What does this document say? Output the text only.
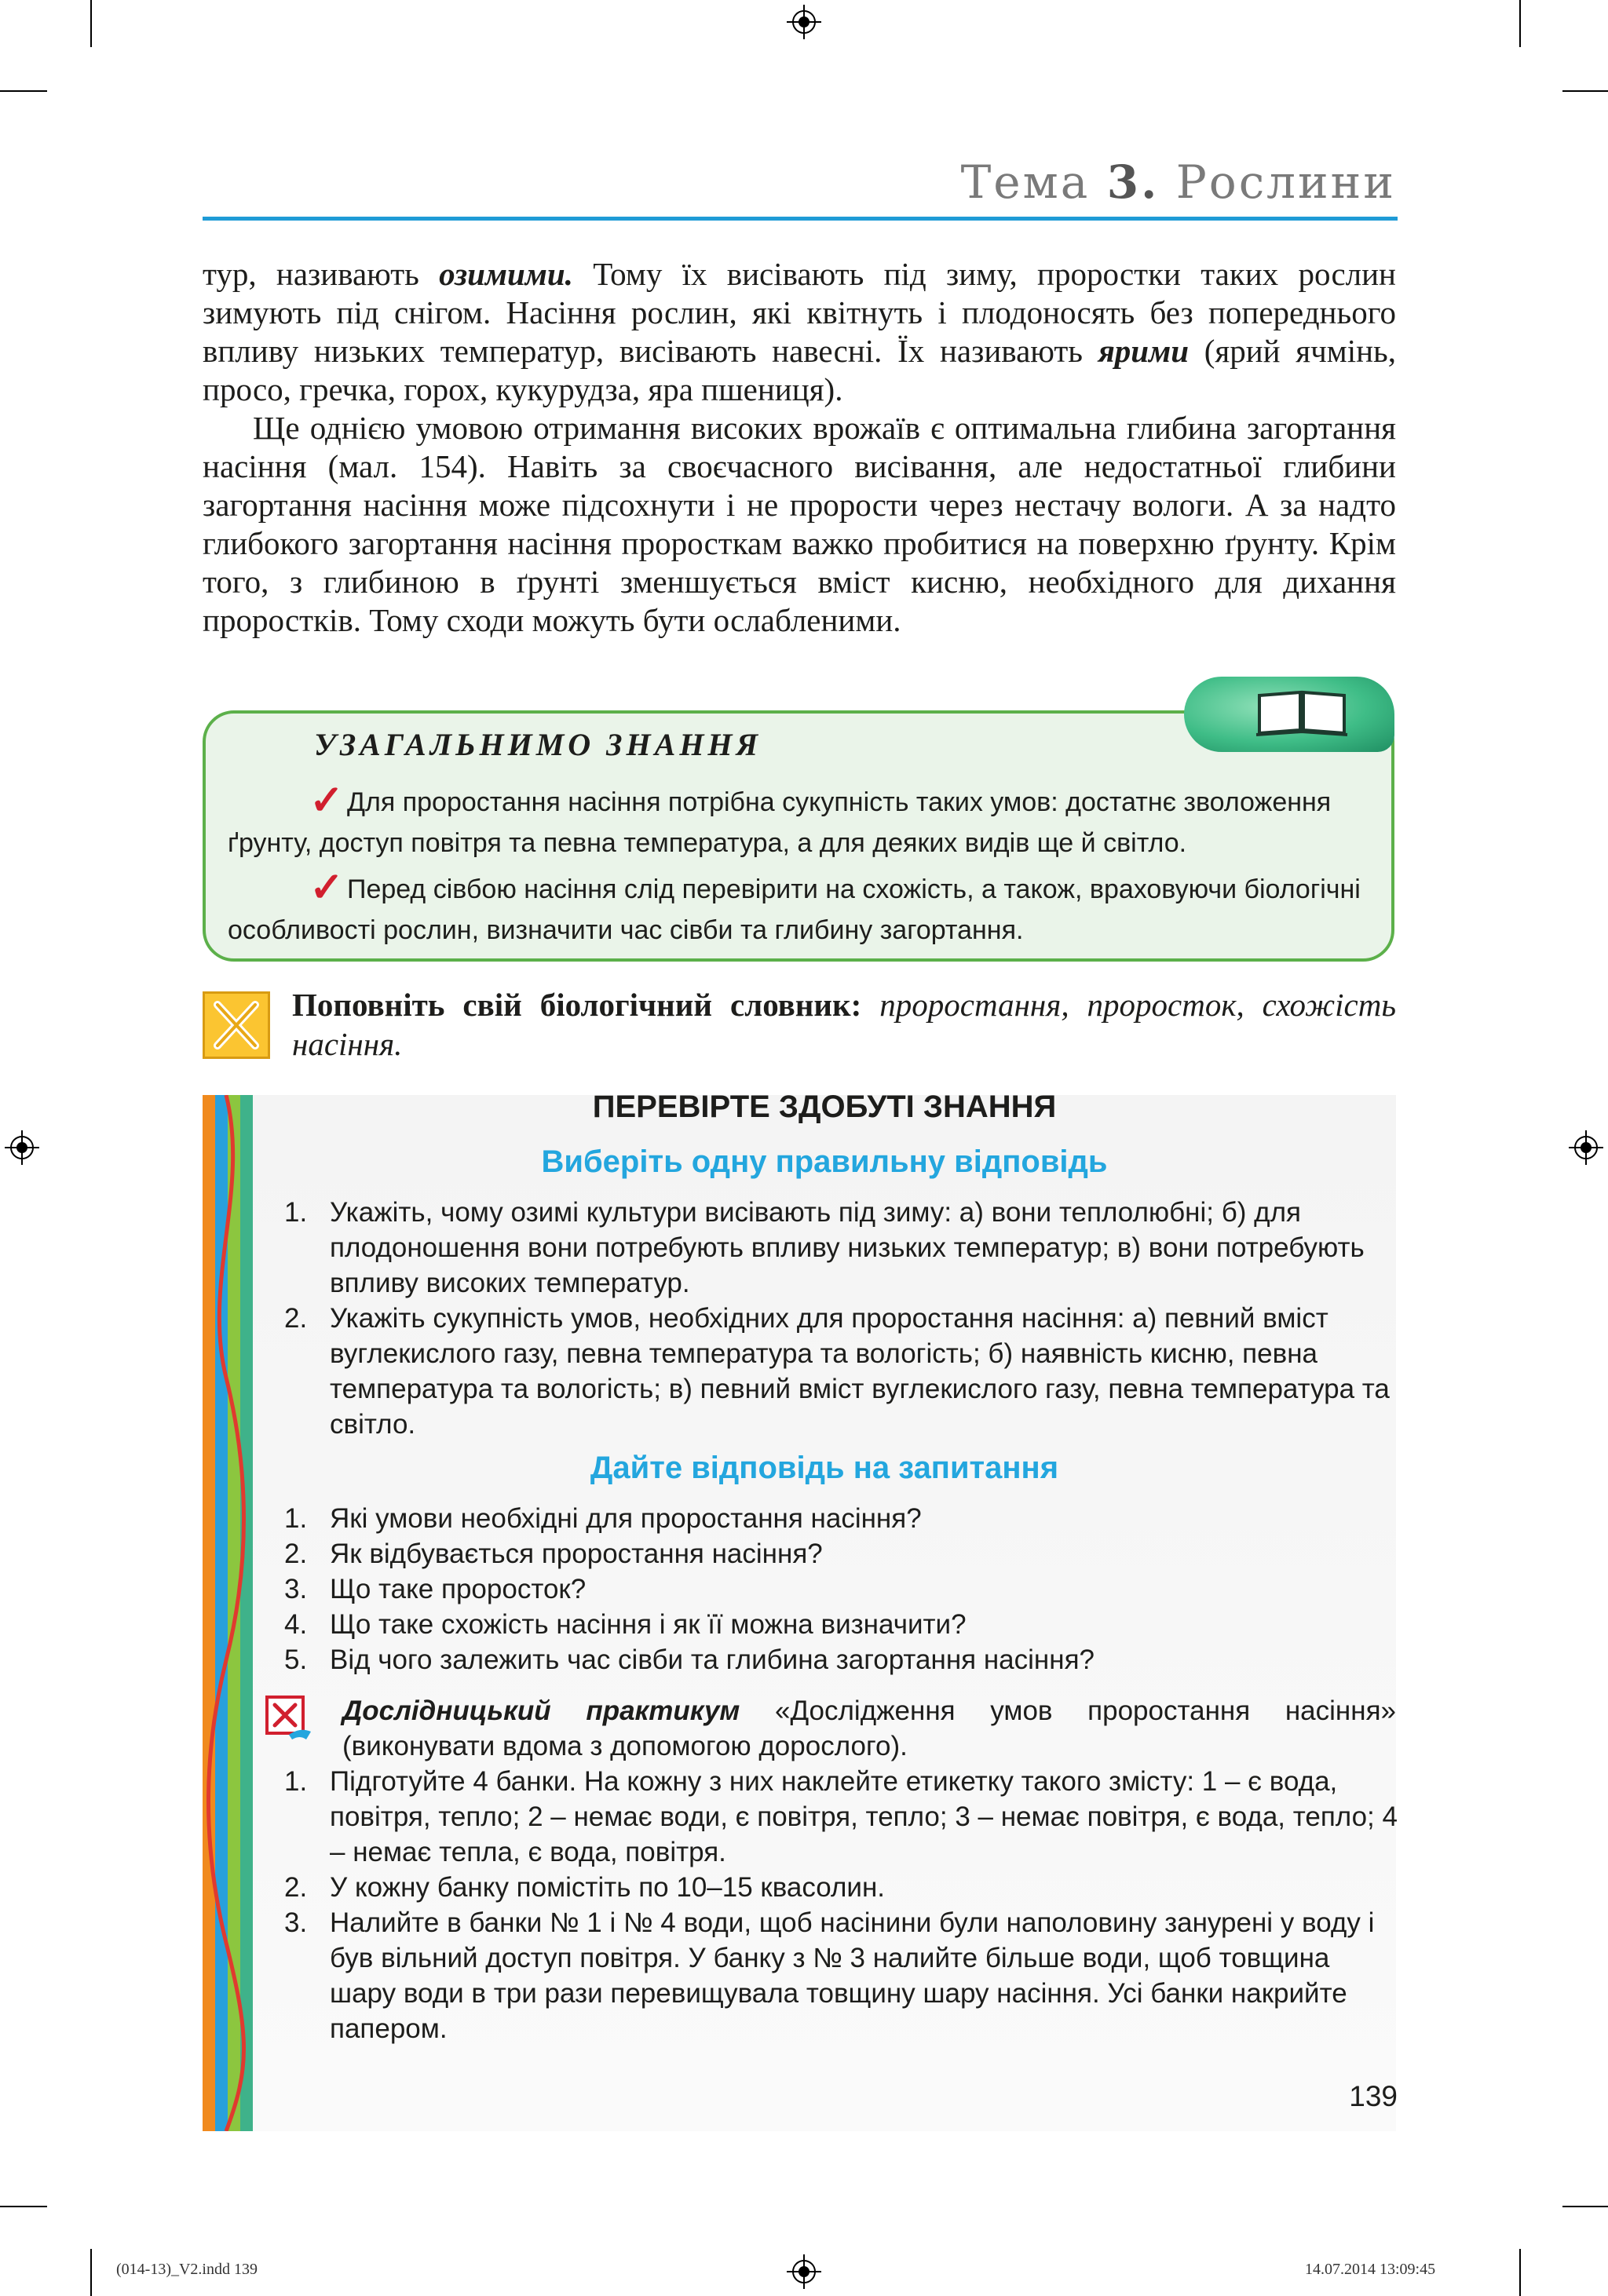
Тема 3. Рослини

тур, називають озимими. Тому їх висівають під зиму, проростки таких рослин зимують під снігом. Насіння рослин, які квітнуть і плодоносять без попереднього впливу низьких температур, висівають навесні. Їх називають ярими (ярий ячмінь, просо, гречка, горох, кукурудза, яра пшениця).

Ще однією умовою отримання високих врожаїв є оптимальна глибина загортання насіння (мал. 154). Навіть за своєчасного висівання, але недостатньої глибини загортання насіння може підсохнути і не прорости через нестачу вологи. А за надто глибокого загортання насіння проросткам важко пробитися на поверхню ґрунту. Крім того, з глибиною в ґрунті зменшується вміст кисню, необхідного для дихання проростків. Тому сходи можуть бути ослабленими.

УЗАГАЛЬНИМО ЗНАННЯ
✓ Для проростання насіння потрібна сукупність таких умов: достатнє зволоження ґрунту, доступ повітря та певна температура, а для деяких видів ще й світло.
✓ Перед сівбою насіння слід перевірити на схожість, а також, враховуючи біологічні особливості рослин, визначити час сівби та глибину загортання.
Поповніть свій біологічний словник: проростання, проросток, схожість насіння.
ПЕРЕВІРТЕ ЗДОБУТІ ЗНАННЯ
Виберіть одну правильну відповідь
1. Укажіть, чому озимі культури висівають під зиму: а) вони теплолюбні; б) для плодоношення вони потребують впливу низьких температур; в) вони потребують впливу високих температур.
2. Укажіть сукупність умов, необхідних для проростання насіння: а) певний вміст вуглекислого газу, певна температура та вологість; б) наявність кисню, певна температура та вологість; в) певний вміст вуглекислого газу, певна температура та світло.
Дайте відповідь на запитання
1. Які умови необхідні для проростання насіння?
2. Як відбувається проростання насіння?
3. Що таке проросток?
4. Що таке схожість насіння і як її можна визначити?
5. Від чого залежить час сівби та глибина загортання насіння?
Дослідницький практикум «Дослідження умов проростання насіння» (виконувати вдома з допомогою дорослого).
1. Підготуйте 4 банки. На кожну з них наклейте етикетку такого змісту: 1 – є вода, повітря, тепло; 2 – немає води, є повітря, тепло; 3 – немає повітря, є вода, тепло; 4 – немає тепла, є вода, повітря.
2. У кожну банку помістіть по 10–15 квасолин.
3. Налийте в банки № 1 і № 4 води, щоб насінини були наполовину занурені у воду і був вільний доступ повітря. У банку з № 3 налийте більше води, щоб товщина шару води в три рази перевищувала товщину шару насіння. Усі банки накрийте папером.
139
(014-13)_V2.indd 139	14.07.2014 13:09:45
